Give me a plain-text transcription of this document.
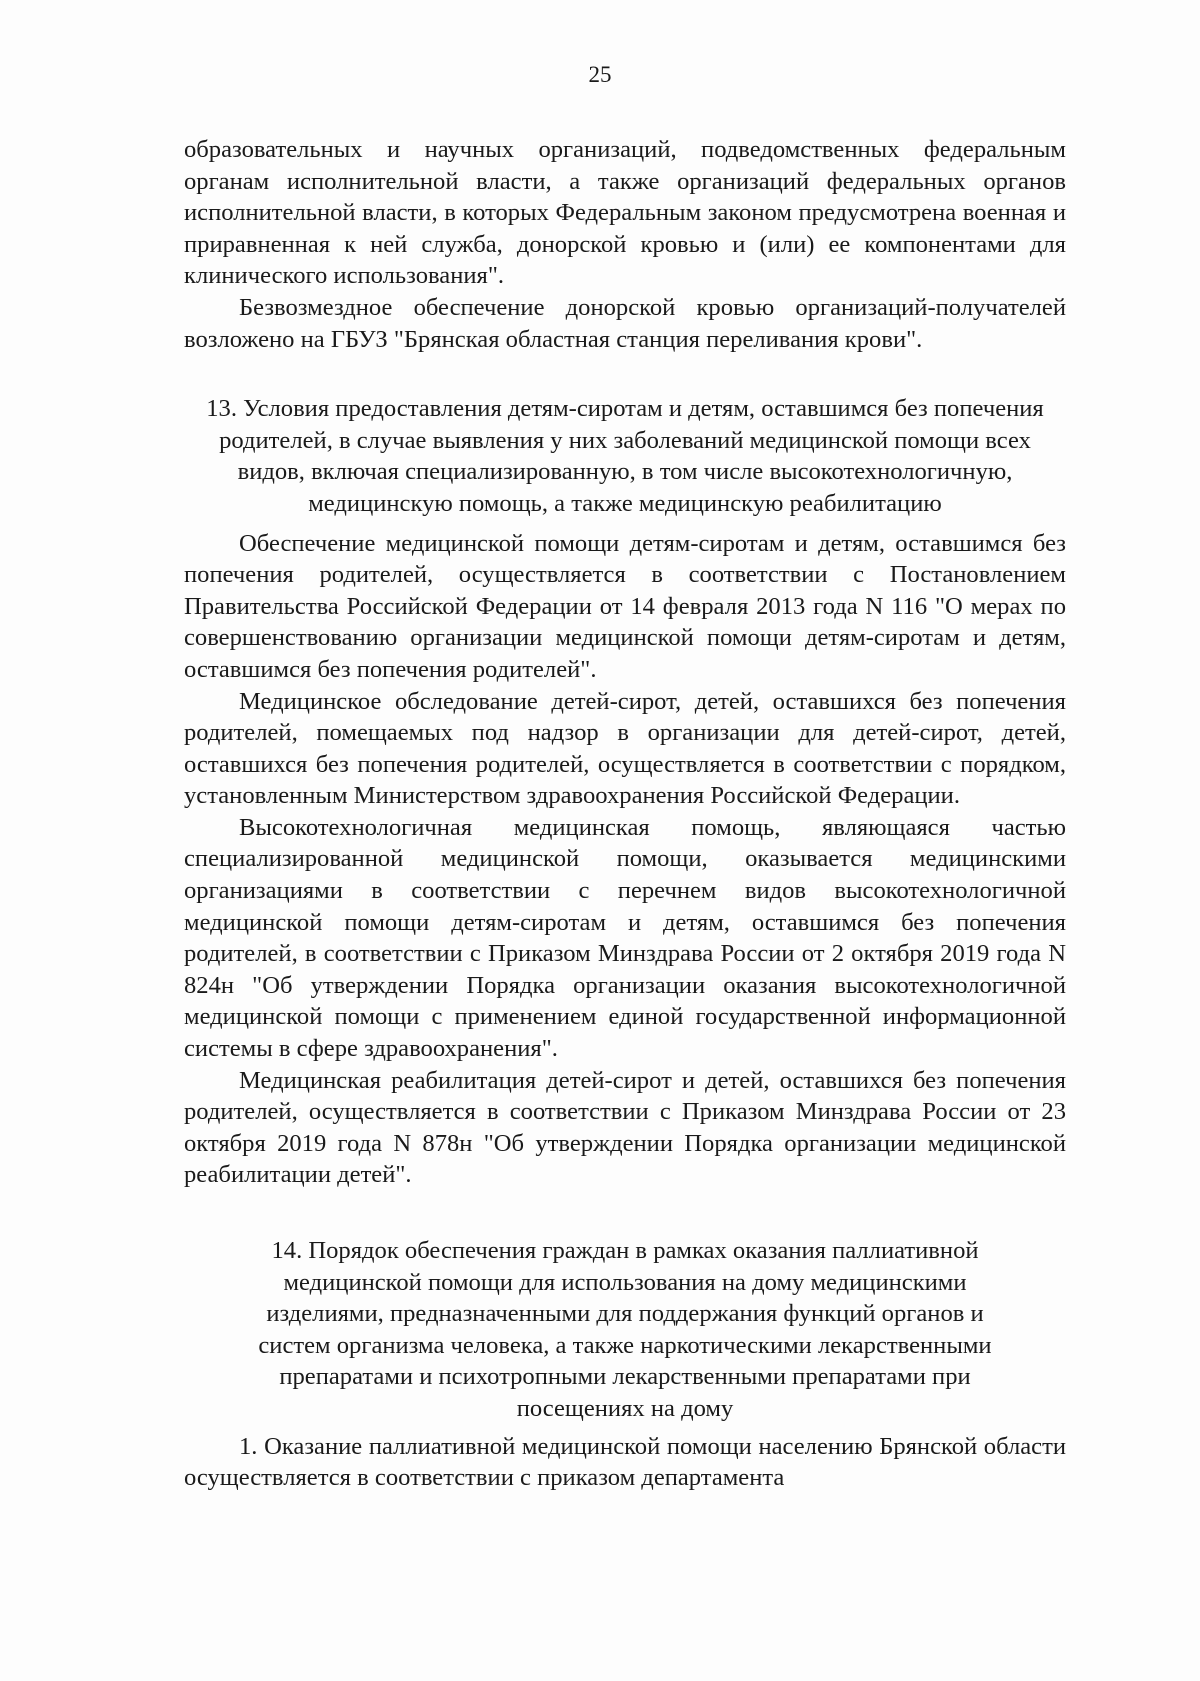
25

образовательных и научных организаций, подведомственных федеральным органам исполнительной власти, а также организаций федеральных органов исполнительной власти, в которых Федеральным законом предусмотрена военная и приравненная к ней служба, донорской кровью и (или) ее компонентами для клинического использования".

Безвозмездное обеспечение донорской кровью организаций-получателей возложено на ГБУЗ "Брянская областная станция переливания крови".

13. Условия предоставления детям-сиротам и детям, оставшимся без попечения родителей, в случае выявления у них заболеваний медицинской помощи всех видов, включая специализированную, в том числе высокотехнологичную, медицинскую помощь, а также медицинскую реабилитацию

Обеспечение медицинской помощи детям-сиротам и детям, оставшимся без попечения родителей, осуществляется в соответствии с Постановлением Правительства Российской Федерации от 14 февраля 2013 года N 116 "О мерах по совершенствованию организации медицинской помощи детям-сиротам и детям, оставшимся без попечения родителей".

Медицинское обследование детей-сирот, детей, оставшихся без попечения родителей, помещаемых под надзор в организации для детей-сирот, детей, оставшихся без попечения родителей, осуществляется в соответствии с порядком, установленным Министерством здравоохранения Российской Федерации.

Высокотехнологичная медицинская помощь, являющаяся частью специализированной медицинской помощи, оказывается медицинскими организациями в соответствии с перечнем видов высокотехнологичной медицинской помощи детям-сиротам и детям, оставшимся без попечения родителей, в соответствии с Приказом Минздрава России от 2 октября 2019 года N 824н "Об утверждении Порядка организации оказания высокотехнологичной медицинской помощи с применением единой государственной информационной системы в сфере здравоохранения".

Медицинская реабилитация детей-сирот и детей, оставшихся без попечения родителей, осуществляется в соответствии с Приказом Минздрава России от 23 октября 2019 года N 878н "Об утверждении Порядка организации медицинской реабилитации детей".

14. Порядок обеспечения граждан в рамках оказания паллиативной медицинской помощи для использования на дому медицинскими изделиями, предназначенными для поддержания функций органов и систем организма человека, а также наркотическими лекарственными препаратами и психотропными лекарственными препаратами при посещениях на дому

1. Оказание паллиативной медицинской помощи населению Брянской области осуществляется в соответствии с приказом департамента
